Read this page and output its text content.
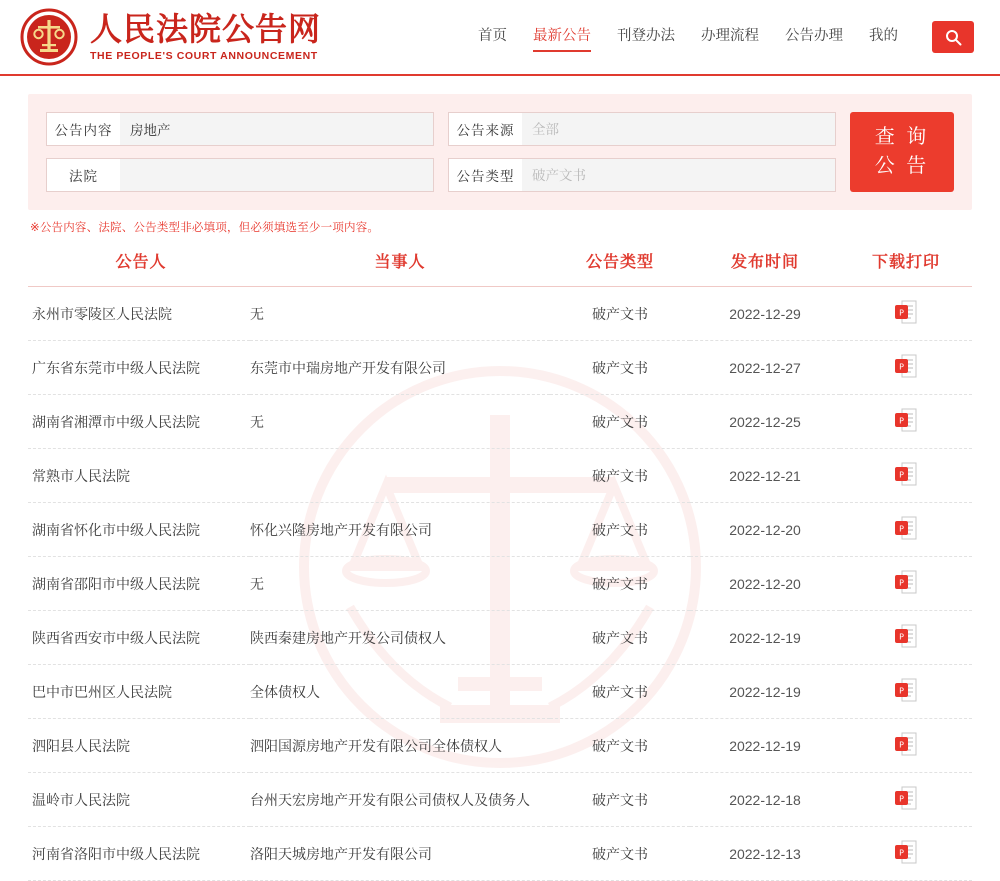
人民法院公告网
THE PEOPLE'S COURT ANNOUNCEMENT
首页 最新公告 刊登办法 办理流程 公告办理 我的
公告内容
房地产	公告来源
全部
法院	公告类型
破产文书
查 询
公 告
※公告内容、法院、公告类型非必填项，但必须填选至少一项内容。
公告人	当事人	公告类型	发布时间	下载打印
永州市零陵区人民法院	无	破产文书	2022-12-29	P

广东省东莞市中级人民法院	东莞市中瑞房地产开发有限公司	破产文书	2022-12-27	P

湖南省湘潭市中级人民法院	无	破产文书	2022-12-25	P

常熟市人民法院		破产文书	2022-12-21	P

湖南省怀化市中级人民法院	怀化兴隆房地产开发有限公司	破产文书	2022-12-20	P

湖南省邵阳市中级人民法院	无	破产文书	2022-12-20	P

陕西省西安市中级人民法院	陕西秦建房地产开发公司债权人	破产文书	2022-12-19	P

巴中市巴州区人民法院	全体债权人	破产文书	2022-12-19	P

泗阳县人民法院	泗阳国源房地产开发有限公司全体债权人	破产文书	2022-12-19	P

温岭市人民法院	台州天宏房地产开发有限公司债权人及债务人	破产文书	2022-12-18	P

河南省洛阳市中级人民法院	洛阳天城房地产开发有限公司	破产文书	2022-12-13	P
